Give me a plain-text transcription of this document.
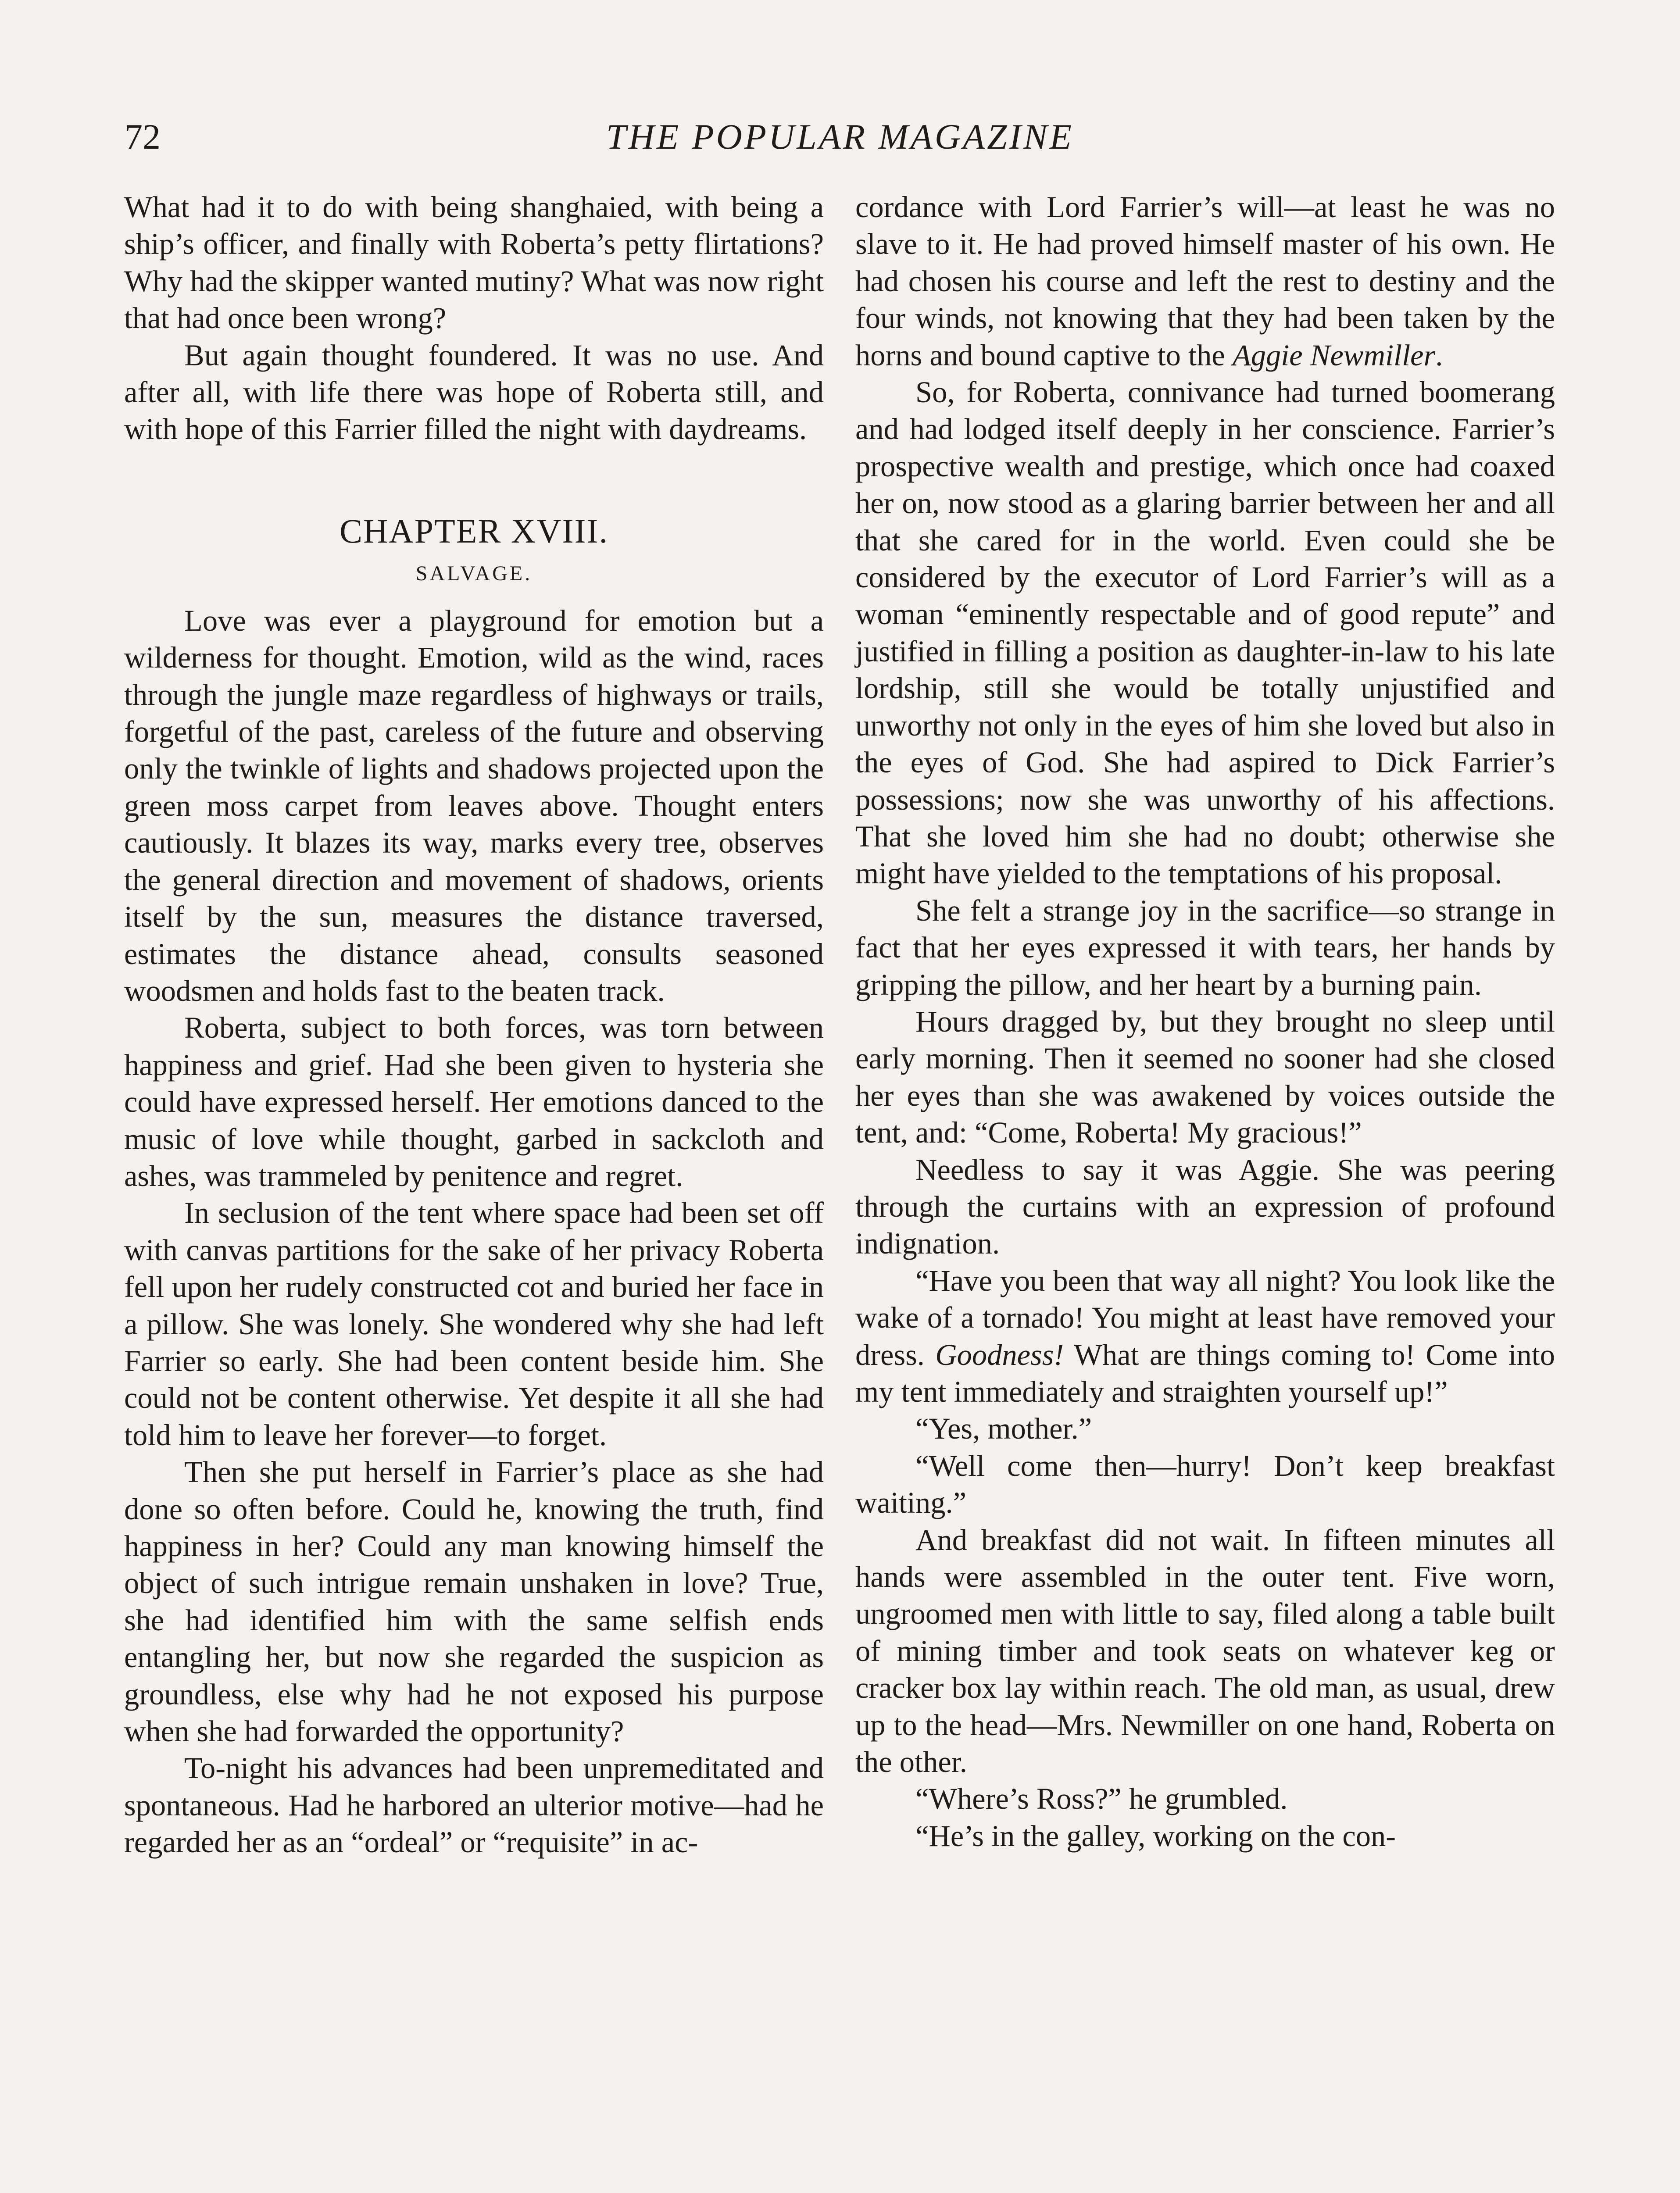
72	THE POPULAR MAGAZINE

What had it to do with being shanghaied, with being a ship’s officer, and finally with Roberta’s petty flirtations? Why had the skipper wanted mutiny? What was now right that had once been wrong?

But again thought foundered. It was no use. And after all, with life there was hope of Roberta still, and with hope of this Farrier filled the night with daydreams.

CHAPTER XVIII.
SALVAGE.

Love was ever a playground for emotion but a wilderness for thought. Emotion, wild as the wind, races through the jungle maze regardless of highways or trails, forgetful of the past, careless of the future and observing only the twinkle of lights and shadows projected upon the green moss carpet from leaves above. Thought enters cautiously. It blazes its way, marks every tree, observes the general direction and movement of shadows, orients itself by the sun, measures the distance traversed, estimates the distance ahead, consults seasoned woodsmen and holds fast to the beaten track.

Roberta, subject to both forces, was torn between happiness and grief. Had she been given to hysteria she could have expressed herself. Her emotions danced to the music of love while thought, garbed in sackcloth and ashes, was trammeled by penitence and regret.

In seclusion of the tent where space had been set off with canvas partitions for the sake of her privacy Roberta fell upon her rudely constructed cot and buried her face in a pillow. She was lonely. She wondered why she had left Farrier so early. She had been content beside him. She could not be content otherwise. Yet despite it all she had told him to leave her forever—to forget.

Then she put herself in Farrier’s place as she had done so often before. Could he, knowing the truth, find happiness in her? Could any man knowing himself the object of such intrigue remain unshaken in love? True, she had identified him with the same selfish ends entangling her, but now she regarded the suspicion as groundless, else why had he not exposed his purpose when she had forwarded the opportunity?

To-night his advances had been unpremeditated and spontaneous. Had he harbored an ulterior motive—had he regarded her as an “ordeal” or “requisite” in ac-

cordance with Lord Farrier’s will—at least he was no slave to it. He had proved himself master of his own. He had chosen his course and left the rest to destiny and the four winds, not knowing that they had been taken by the horns and bound captive to the Aggie Newmiller.

So, for Roberta, connivance had turned boomerang and had lodged itself deeply in her conscience. Farrier’s prospective wealth and prestige, which once had coaxed her on, now stood as a glaring barrier between her and all that she cared for in the world. Even could she be considered by the executor of Lord Farrier’s will as a woman “eminently respectable and of good repute” and justified in filling a position as daughter-in-law to his late lordship, still she would be totally unjustified and unworthy not only in the eyes of him she loved but also in the eyes of God. She had aspired to Dick Farrier’s possessions; now she was unworthy of his affections. That she loved him she had no doubt; otherwise she might have yielded to the temptations of his proposal.

She felt a strange joy in the sacrifice—so strange in fact that her eyes expressed it with tears, her hands by gripping the pillow, and her heart by a burning pain.

Hours dragged by, but they brought no sleep until early morning. Then it seemed no sooner had she closed her eyes than she was awakened by voices outside the tent, and: “Come, Roberta! My gracious!”

Needless to say it was Aggie. She was peering through the curtains with an expression of profound indignation.

“Have you been that way all night? You look like the wake of a tornado! You might at least have removed your dress. Goodness! What are things coming to! Come into my tent immediately and straighten yourself up!”

“Yes, mother.”

“Well come then—hurry! Don’t keep breakfast waiting.”

And breakfast did not wait. In fifteen minutes all hands were assembled in the outer tent. Five worn, ungroomed men with little to say, filed along a table built of mining timber and took seats on whatever keg or cracker box lay within reach. The old man, as usual, drew up to the head—Mrs. Newmiller on one hand, Roberta on the other.

“Where’s Ross?” he grumbled.

“He’s in the galley, working on the con-
